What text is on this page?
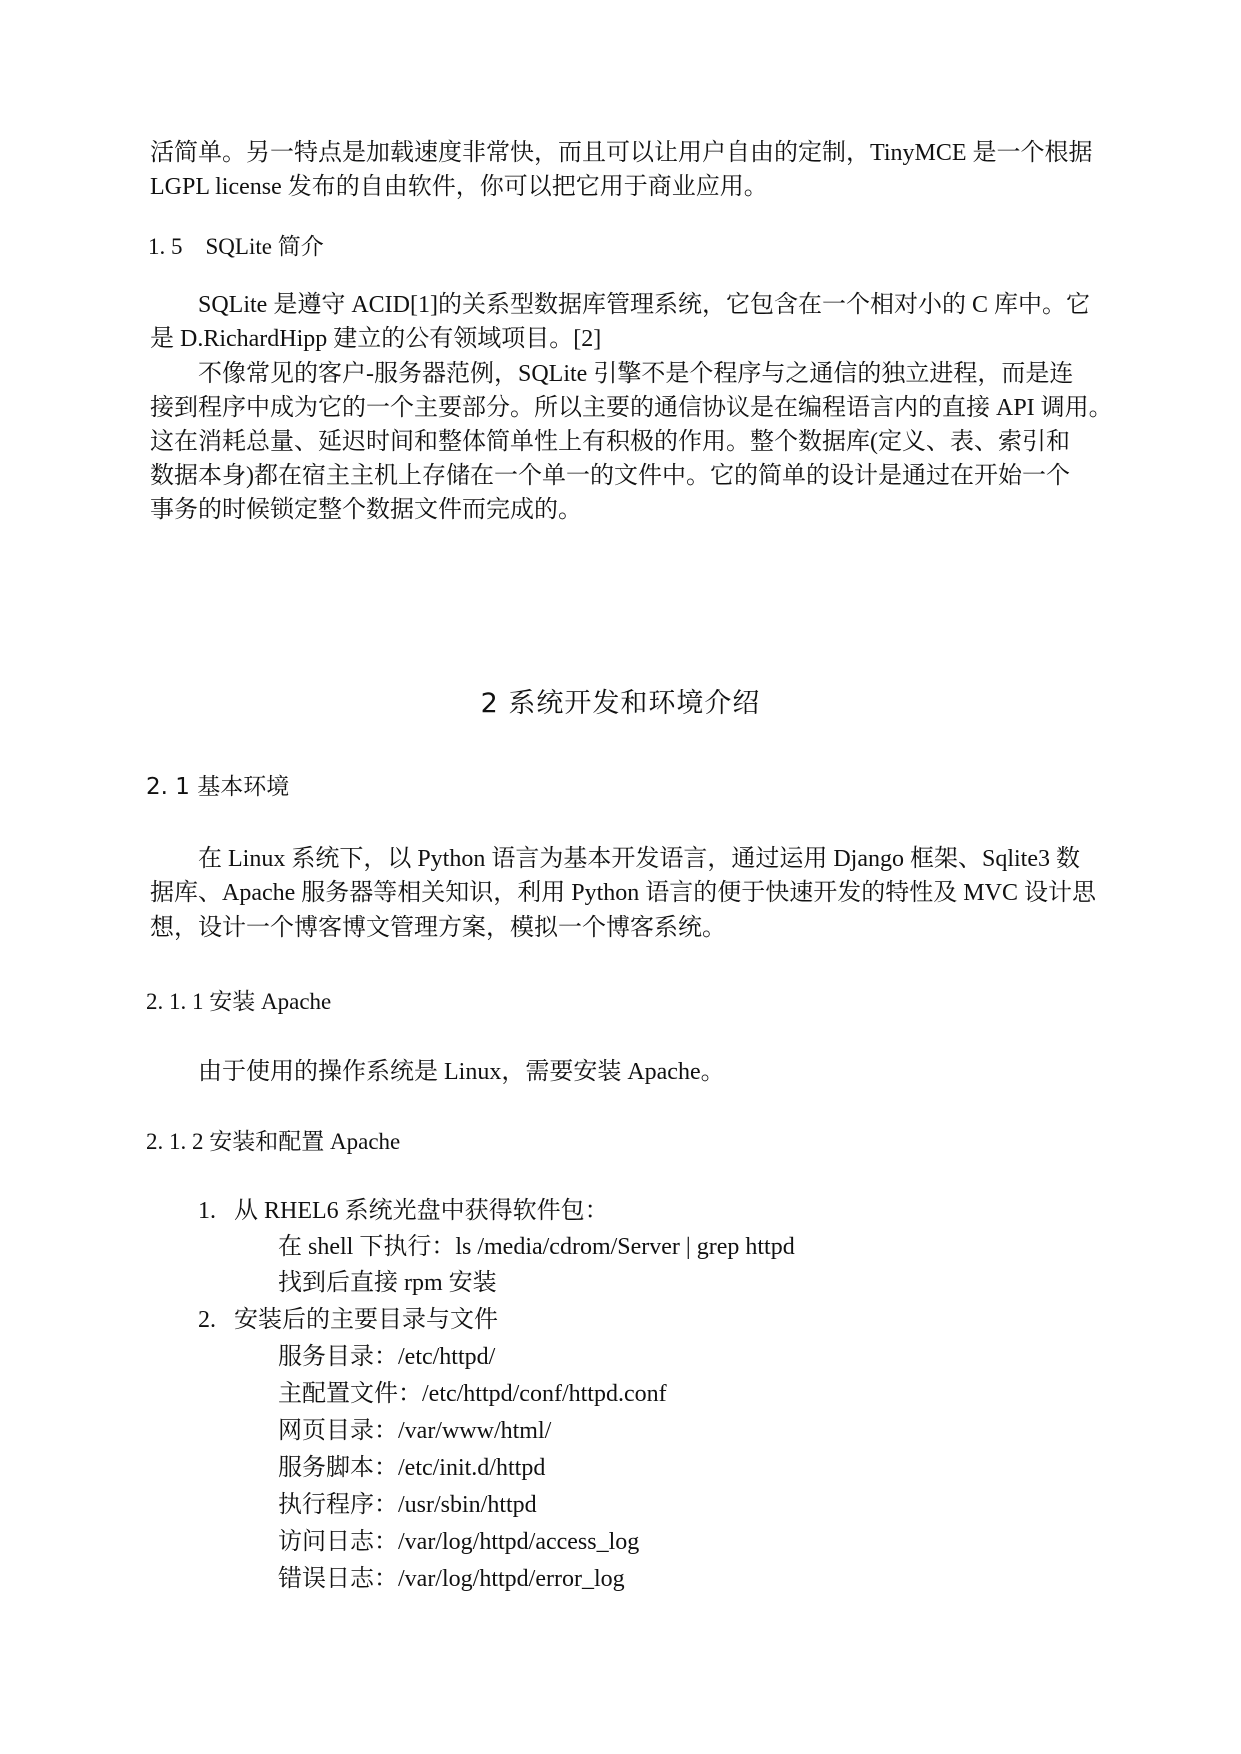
活简单。另一特点是加载速度非常快，而且可以让用户自由的定制，TinyMCE 是一个根据
LGPL license 发布的自由软件，你可以把它用于商业应用。
1. 5　SQLite 简介
SQLite 是遵守 ACID[1]的关系型数据库管理系统，它包含在一个相对小的 C 库中。它
是 D.RichardHipp 建立的公有领域项目。[2]
不像常见的客户-服务器范例，SQLite 引擎不是个程序与之通信的独立进程，而是连
接到程序中成为它的一个主要部分。所以主要的通信协议是在编程语言内的直接 API 调用。
这在消耗总量、延迟时间和整体简单性上有积极的作用。整个数据库(定义、表、索引和
数据本身)都在宿主主机上存储在一个单一的文件中。它的简单的设计是通过在开始一个
事务的时候锁定整个数据文件而完成的。
2 系统开发和环境介绍
2. 1 基本环境
在 Linux 系统下，以 Python 语言为基本开发语言，通过运用 Django 框架、Sqlite3 数
据库、Apache 服务器等相关知识，利用 Python 语言的便于快速开发的特性及 MVC 设计思
想，设计一个博客博文管理方案，模拟一个博客系统。
2. 1. 1 安装 Apache
由于使用的操作系统是 Linux，需要安装 Apache。
2. 1. 2 安装和配置 Apache
1. 从 RHEL6 系统光盘中获得软件包：
在 shell 下执行：ls /media/cdrom/Server | grep httpd
找到后直接 rpm 安装
2. 安装后的主要目录与文件
服务目录：/etc/httpd/
主配置文件：/etc/httpd/conf/httpd.conf
网页目录：/var/www/html/
服务脚本：/etc/init.d/httpd
执行程序：/usr/sbin/httpd
访问日志：/var/log/httpd/access_log
错误日志：/var/log/httpd/error_log
